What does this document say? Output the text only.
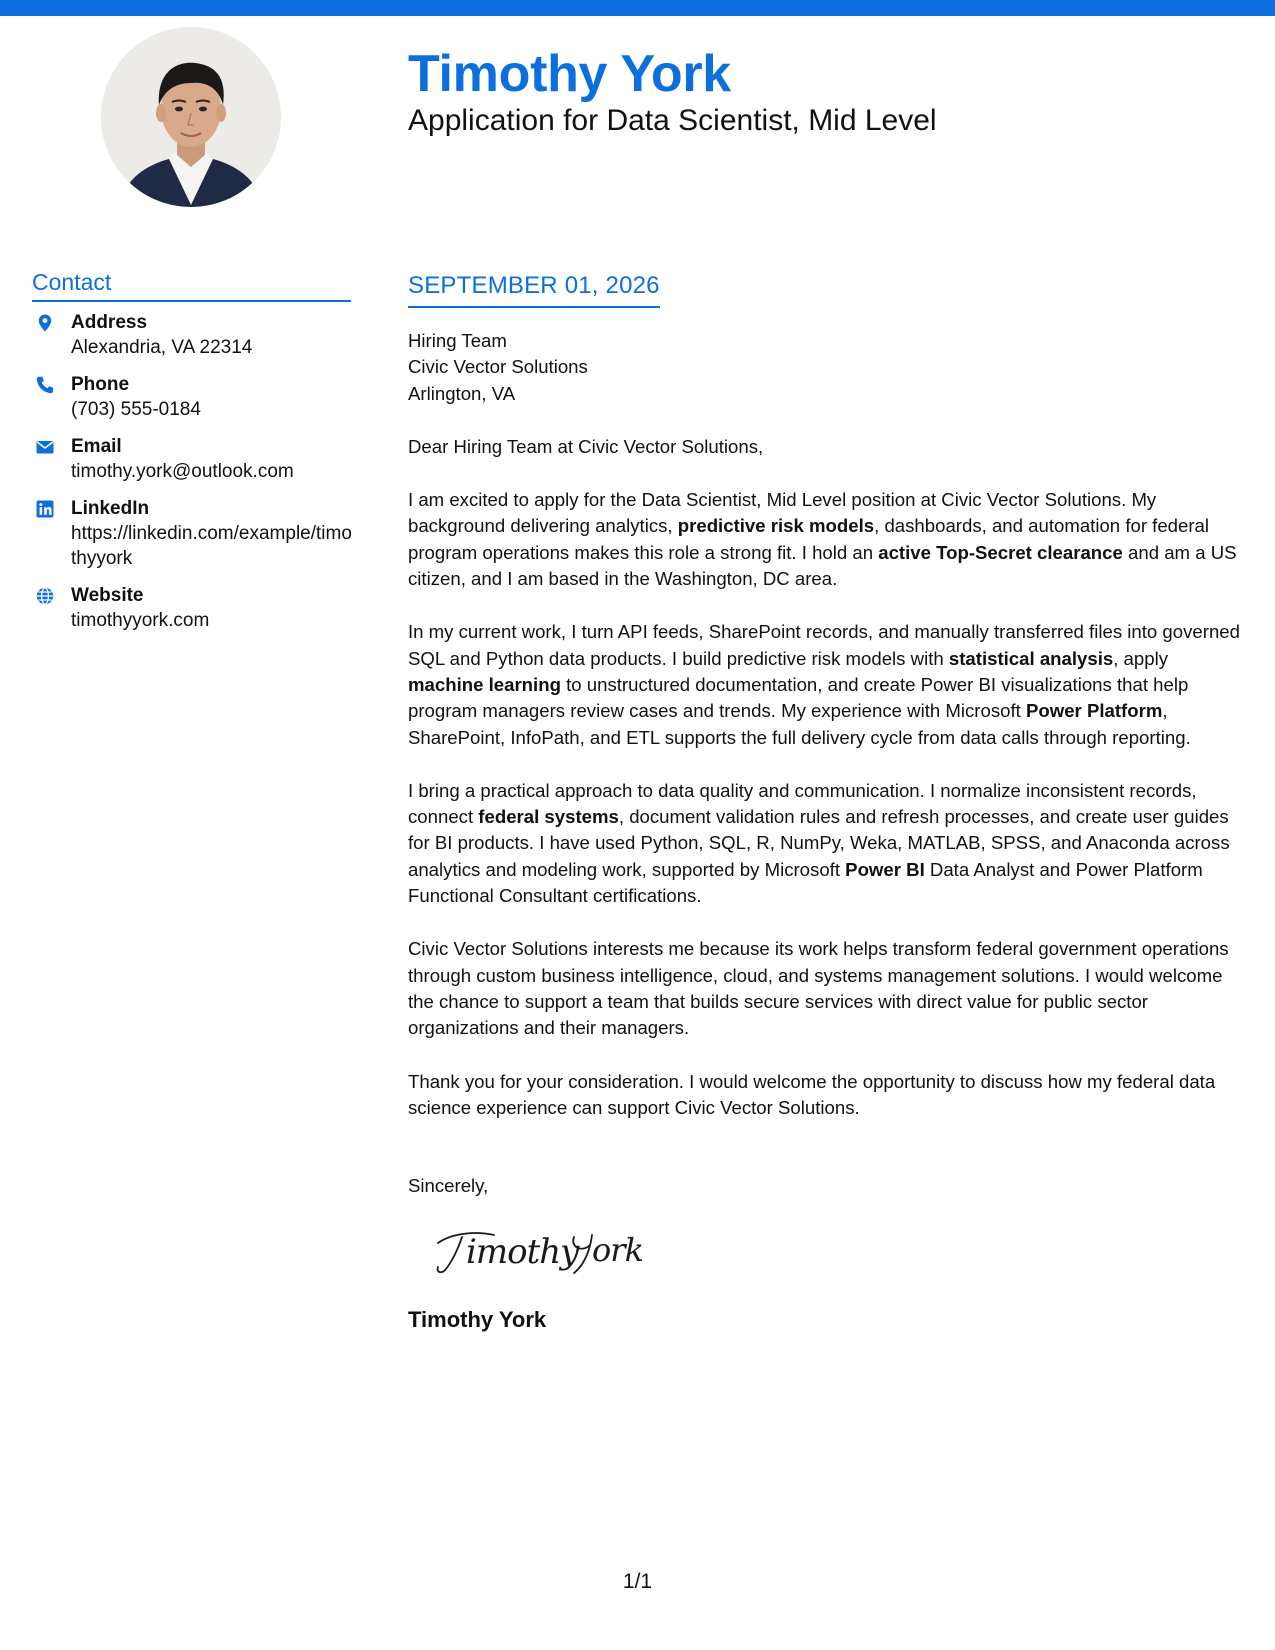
Timothy York
Application for Data Scientist, Mid Level
Contact
Address
Alexandria, VA 22314
Phone
(703) 555-0184
Email
timothy.york@outlook.com
LinkedIn
https://linkedin.com/example/timothyyork
Website
timothyyork.com
SEPTEMBER 01, 2026
Hiring Team
Civic Vector Solutions
Arlington, VA
Dear Hiring Team at Civic Vector Solutions,
I am excited to apply for the Data Scientist, Mid Level position at Civic Vector Solutions. My background delivering analytics, predictive risk models, dashboards, and automation for federal program operations makes this role a strong fit. I hold an active Top-Secret clearance and am a US citizen, and I am based in the Washington, DC area.
In my current work, I turn API feeds, SharePoint records, and manually transferred files into governed SQL and Python data products. I build predictive risk models with statistical analysis, apply machine learning to unstructured documentation, and create Power BI visualizations that help program managers review cases and trends. My experience with Microsoft Power Platform, SharePoint, InfoPath, and ETL supports the full delivery cycle from data calls through reporting.
I bring a practical approach to data quality and communication. I normalize inconsistent records, connect federal systems, document validation rules and refresh processes, and create user guides for BI products. I have used Python, SQL, R, NumPy, Weka, MATLAB, SPSS, and Anaconda across analytics and modeling work, supported by Microsoft Power BI Data Analyst and Power Platform Functional Consultant certifications.
Civic Vector Solutions interests me because its work helps transform federal government operations through custom business intelligence, cloud, and systems management solutions. I would welcome the chance to support a team that builds secure services with direct value for public sector organizations and their managers.
Thank you for your consideration. I would welcome the opportunity to discuss how my federal data science experience can support Civic Vector Solutions.
Sincerely,
imothy ork
Timothy York
1/1
